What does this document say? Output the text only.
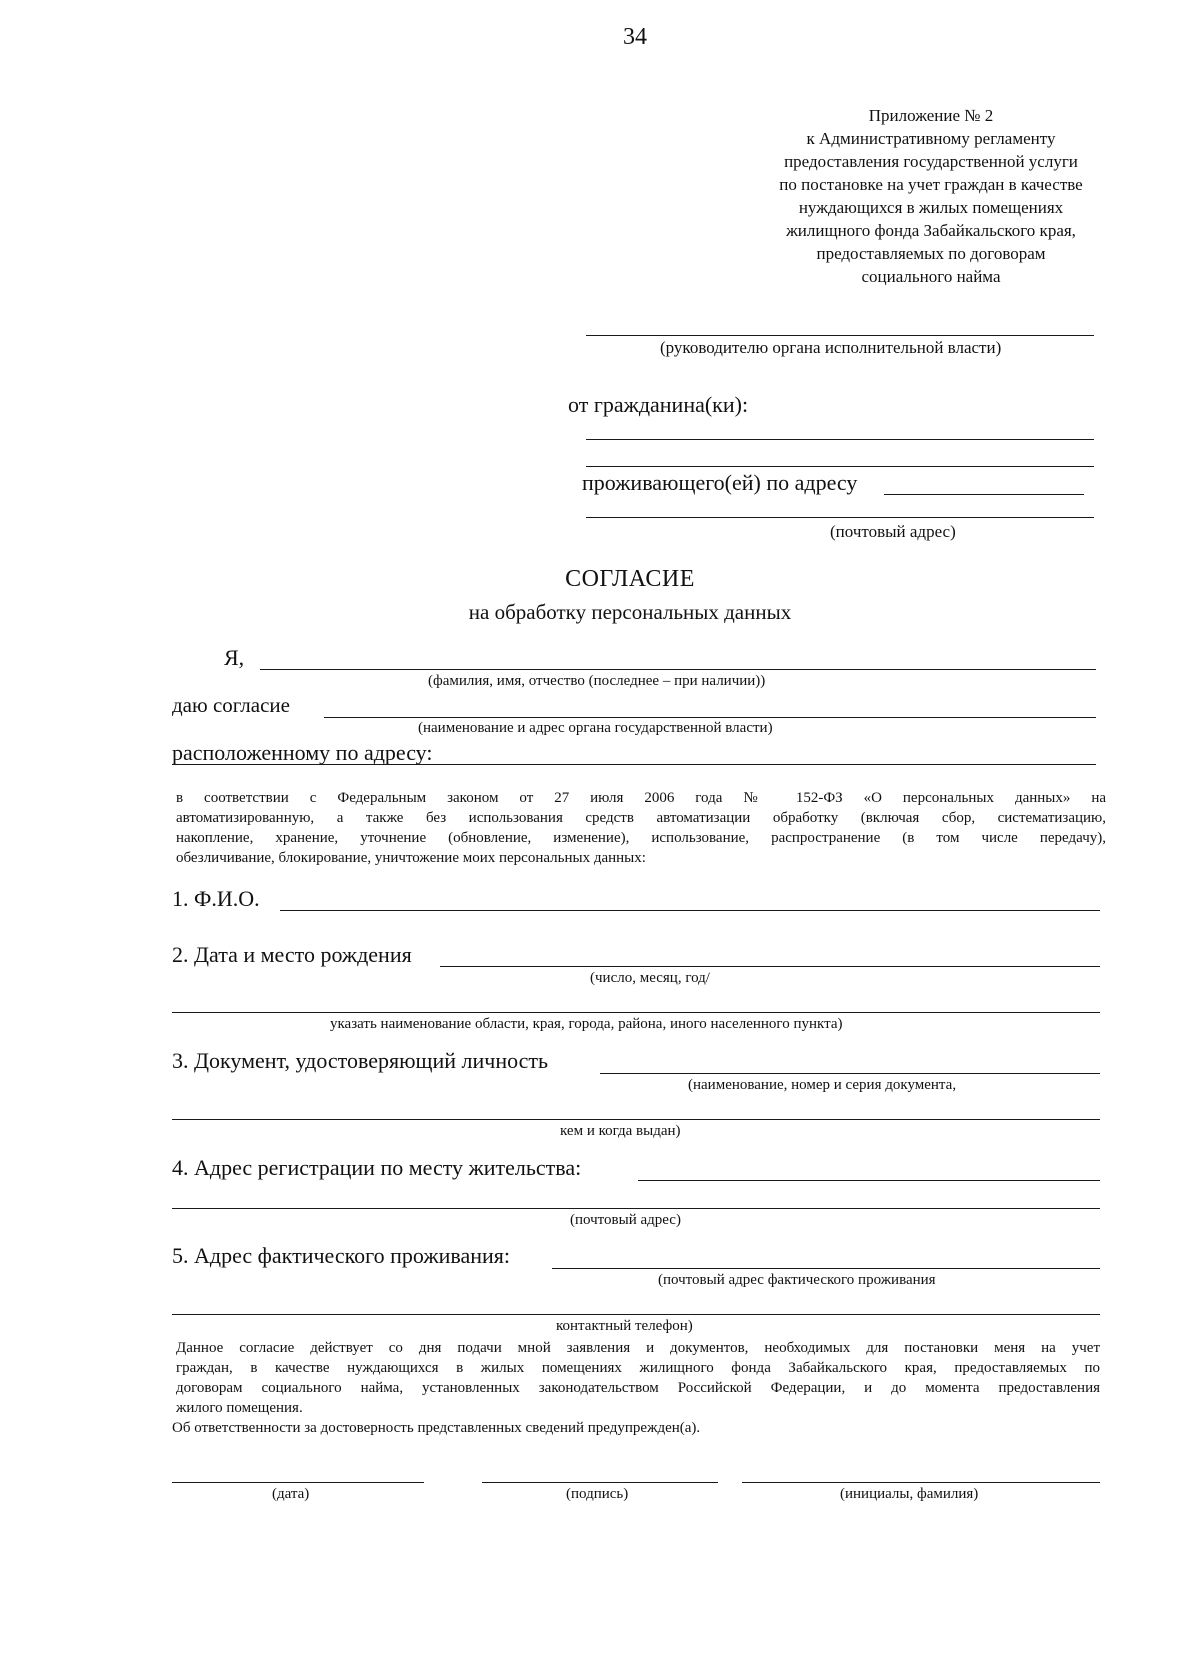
34
Приложение № 2
к Административному регламенту
предоставления государственной услуги
по постановке на учет граждан в качестве
нуждающихся в жилых помещениях
жилищного фонда Забайкальского края,
предоставляемых по договорам
социального найма
(руководителю органа исполнительной власти)
от гражданина(ки):
проживающего(ей) по адресу
(почтовый адрес)
СОГЛАСИЕ
на обработку персональных данных
Я,
(фамилия, имя, отчество (последнее – при наличии))
даю согласие
(наименование и адрес органа государственной власти)
расположенному по адресу:
в соответствии с Федеральным законом от 27 июля 2006 года № 152-ФЗ «О персональных данных» на
автоматизированную, а также без использования средств автоматизации обработку (включая сбор, систематизацию,
накопление, хранение, уточнение (обновление, изменение), использование, распространение (в том числе передачу),
обезличивание, блокирование, уничтожение моих персональных данных:
1. Ф.И.О.
2. Дата и место рождения
(число, месяц, год/
указать наименование области, края, города, района, иного населенного пункта)
3. Документ, удостоверяющий личность
(наименование, номер и серия документа,
кем и когда выдан)
4. Адрес регистрации по месту жительства:
(почтовый адрес)
5. Адрес фактического проживания:
(почтовый адрес фактического проживания
контактный телефон)
Данное согласие действует со дня подачи мной заявления и документов, необходимых для постановки меня на учет
граждан, в качестве нуждающихся в жилых помещениях жилищного фонда Забайкальского края, предоставляемых по
договорам социального найма, установленных законодательством Российской Федерации, и до момента предоставления
жилого помещения.
Об ответственности за достоверность представленных сведений предупрежден(а).
(дата)	(подпись)	(инициалы, фамилия)
